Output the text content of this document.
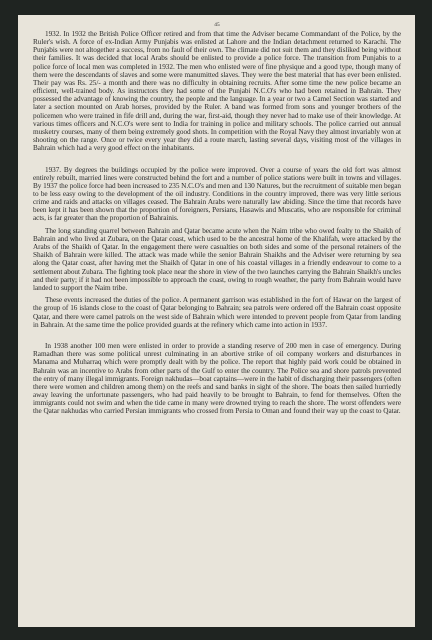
45

1932. In 1932 the British Police Officer retired and from that time the Adviser became Commandant of the Police, by the Ruler's wish. A force of ex-Indian Army Punjabis was enlisted at Lahore and the Indian detachment returned to Karachi. The Punjabis were not altogether a success, from no fault of their own. The climate did not suit them and they disliked being without their families. It was decided that local Arabs should be enlisted to provide a police force. The transition from Punjabis to a police force of local men was completed in 1932. The men who enlisted were of fine physique and a good type, though many of them were the descendants of slaves and some were manumitted slaves. They were the best material that has ever been enlisted. Their pay was Rs. 25/- a month and there was no difficulty in obtaining recruits. After some time the new police became an efficient, well-trained body. As instructors they had some of the Punjabi N.C.O's who had been retained in Bahrain. They possessed the advantage of knowing the country, the people and the language. In a year or two a Camel Section was started and later a section mounted on Arab horses, provided by the Ruler. A band was formed from sons and younger brothers of the policemen who were trained in fife drill and, during the war, first-aid, though they never had to make use of their knowledge. At various times officers and N.C.O's were sent to India for training in police and military schools. The police carried out annual musketry courses, many of them being extremely good shots. In competition with the Royal Navy they almost invariably won at shooting on the range. Once or twice every year they did a route march, lasting several days, visiting most of the villages in Bahrain which had a very good effect on the inhabitants.

1937. By degrees the buildings occupied by the police were improved. Over a course of years the old fort was almost entirely rebuilt, married lines were constructed behind the fort and a number of police stations were built in towns and villages. By 1937 the police force had been increased to 235 N.C.O's and men and 130 Natures, but the recruitment of suitable men began to be less easy owing to the development of the oil industry. Conditions in the country improved, there was very little serious crime and raids and attacks on villages ceased. The Bahrain Arabs were naturally law abiding. Since the time that records have been kept it has been shown that the proportion of foreigners, Persians, Hasawis and Muscatis, who are responsible for criminal acts, is far greater than the proportion of Bahrainis.

The long standing quarrel between Bahrain and Qatar became acute when the Naim tribe who owed fealty to the Shaikh of Bahrain and who lived at Zubara, on the Qatar coast, which used to be the ancestral home of the Khalifah, were attacked by the Arabs of the Shaikh of Qatar. In the engagement there were casualties on both sides and some of the personal retainers of the Shaikh of Bahrain were killed. The attack was made while the senior Bahrain Shaikhs and the Adviser were returning by sea along the Qatar coast, after having met the Shaikh of Qatar in one of his coastal villages in a friendly endeavour to come to a settlement about Zubara. The fighting took place near the shore in view of the two launches carrying the Bahrain Shaikh's uncles and their party; if it had not been impossible to approach the coast, owing to rough weather, the party from Bahrain would have landed to support the Naim tribe.

These events increased the duties of the police. A permanent garrison was established in the fort of Hawar on the largest of the group of 16 islands close to the coast of Qatar belonging to Bahrain; sea patrols were ordered off the Bahrain coast opposite Qatar, and there were camel patrols on the west side of Bahrain which were intended to prevent people from Qatar from landing in Bahrain. At the same time the police provided guards at the refinery which came into action in 1937.

In 1938 another 100 men were enlisted in order to provide a standing reserve of 200 men in case of emergency. During Ramadhan there was some political unrest culminating in an abortive strike of oil company workers and disturbances in Manama and Muharraq which were promptly dealt with by the police. The report that highly paid work could be obtained in Bahrain was an incentive to Arabs from other parts of the Gulf to enter the country. The Police sea and shore patrols prevented the entry of many illegal immigrants. Foreign nakhudas—boat captains—were in the habit of discharging their passengers (often there were women and children among them) on the reefs and sand banks in sight of the shore. The boats then sailed hurriedly away leaving the unfortunate passengers, who had paid heavily to be brought to Bahrain, to fend for themselves. Often the immigrants could not swim and when the tide came in many were drowned trying to reach the shore. The worst offenders were the Qatar nakhudas who carried Persian immigrants who crossed from Persia to Oman and found their way up the coast to Qatar.
